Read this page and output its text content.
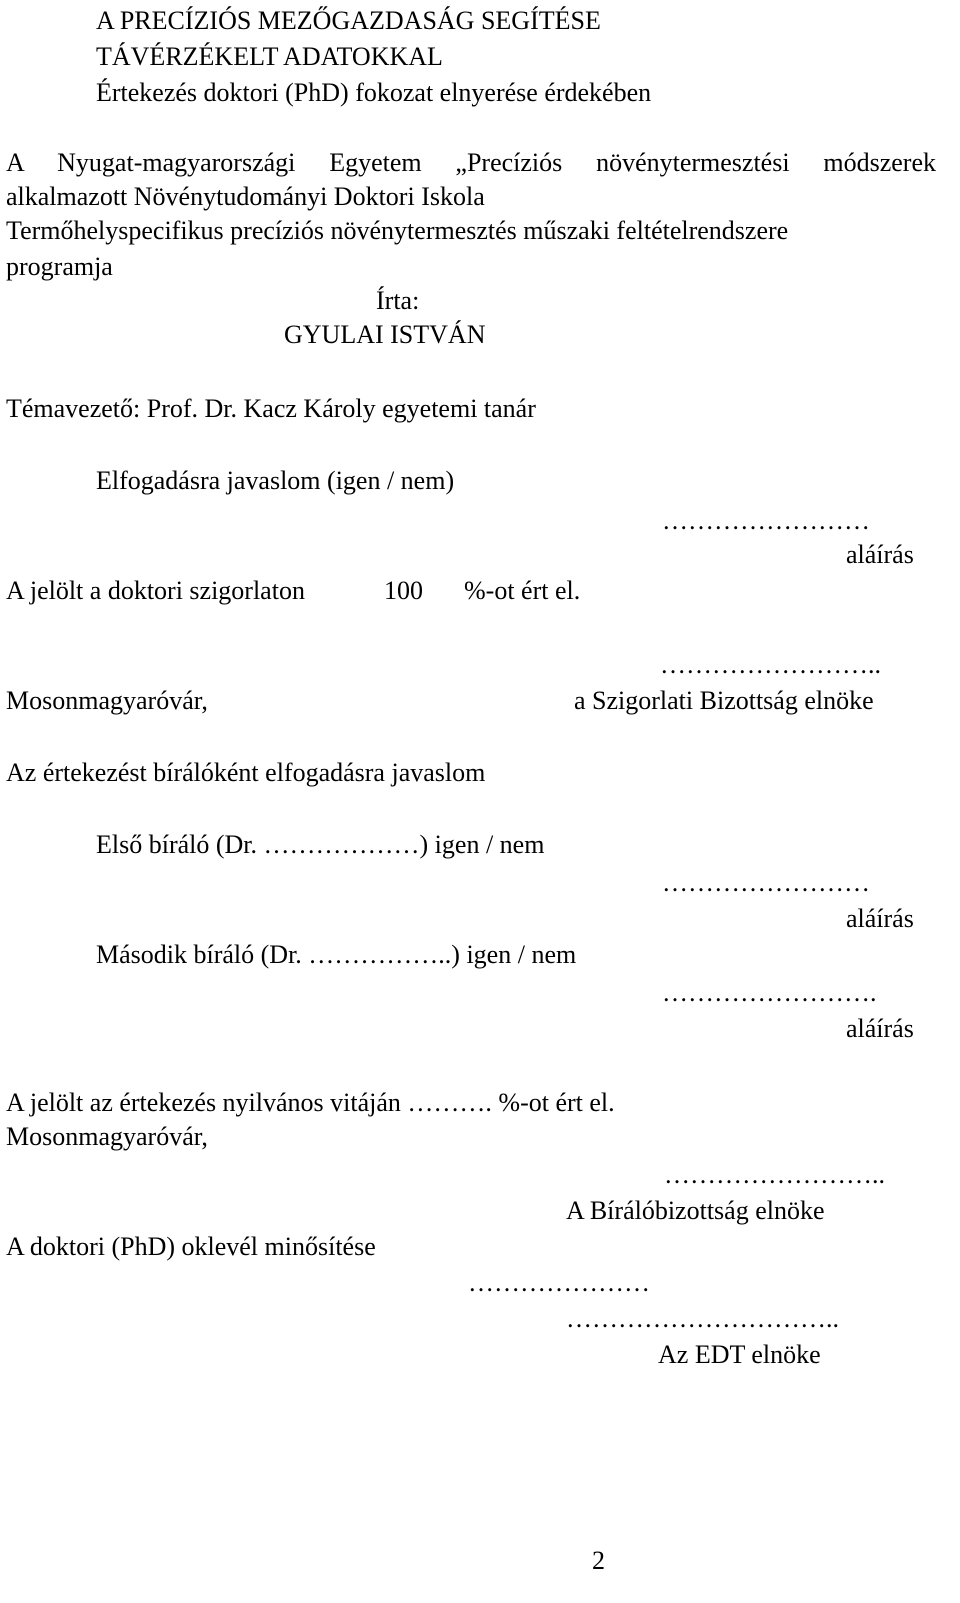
A PRECÍZIÓS MEZŐGAZDASÁG SEGÍTÉSE
TÁVÉRZÉKELT ADATOKKAL
Értekezés doktori (PhD) fokozat elnyerése érdekében
A Nyugat-magyarországi Egyetem „Precíziós növénytermesztési módszerek
alkalmazott Növénytudományi Doktori Iskola
Termőhelyspecifikus precíziós növénytermesztés műszaki feltételrendszere
programja
Írta:
GYULAI ISTVÁN
Témavezető: Prof. Dr. Kacz Károly egyetemi tanár
Elfogadásra javaslom (igen / nem)
……………………
aláírás
A jelölt a doktori szigorlaton	100 %-ot ért el.
……………………..
Mosonmagyaróvár,	a Szigorlati Bizottság elnöke
Az értekezést bírálóként elfogadásra javaslom
Első bíráló (Dr. ………………) igen / nem
……………………
aláírás
Második bíráló (Dr. ……………..) igen / nem
…………………….
aláírás
A jelölt az értekezés nyilvános vitáján ………. %-ot ért el.
Mosonmagyaróvár,
……………………..
A Bírálóbizottság elnöke
A doktori (PhD) oklevél minősítése
…………………
…………………………..
Az EDT elnöke
2
